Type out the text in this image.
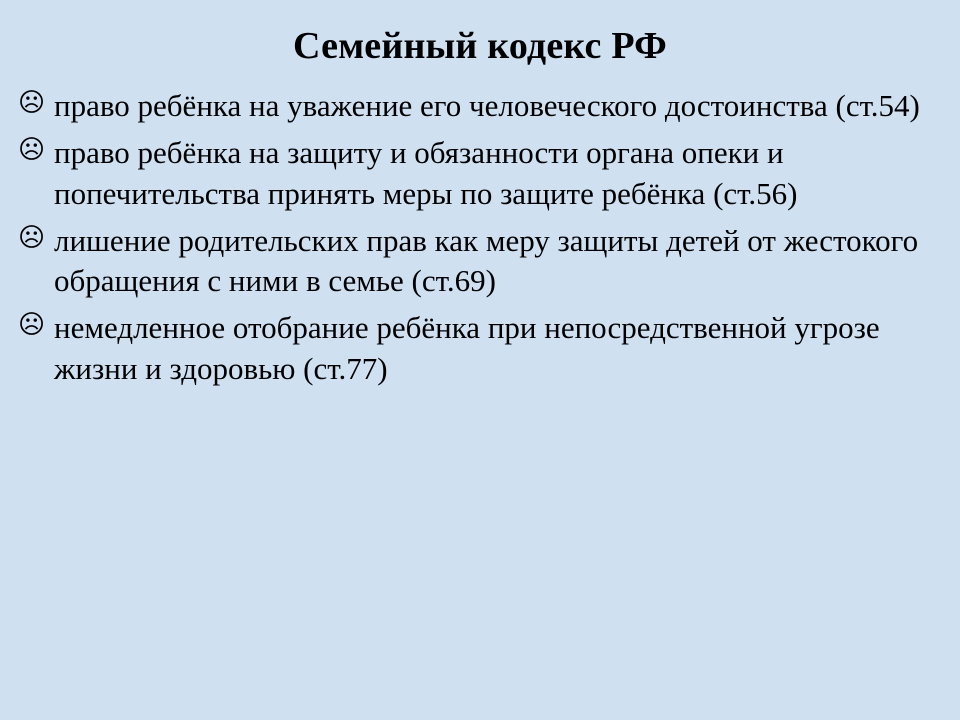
Семейный кодекс РФ
☹ право ребёнка на уважение его человеческого достоинства (ст.54)
☹ право ребёнка на защиту и обязанности органа опеки и попечительства принять меры по защите ребёнка (ст.56)
☹ лишение родительских прав как меру защиты детей от жестокого обращения с ними в семье (ст.69)
☹ немедленное отобрание ребёнка при непосредственной угрозе жизни и здоровью (ст.77)
